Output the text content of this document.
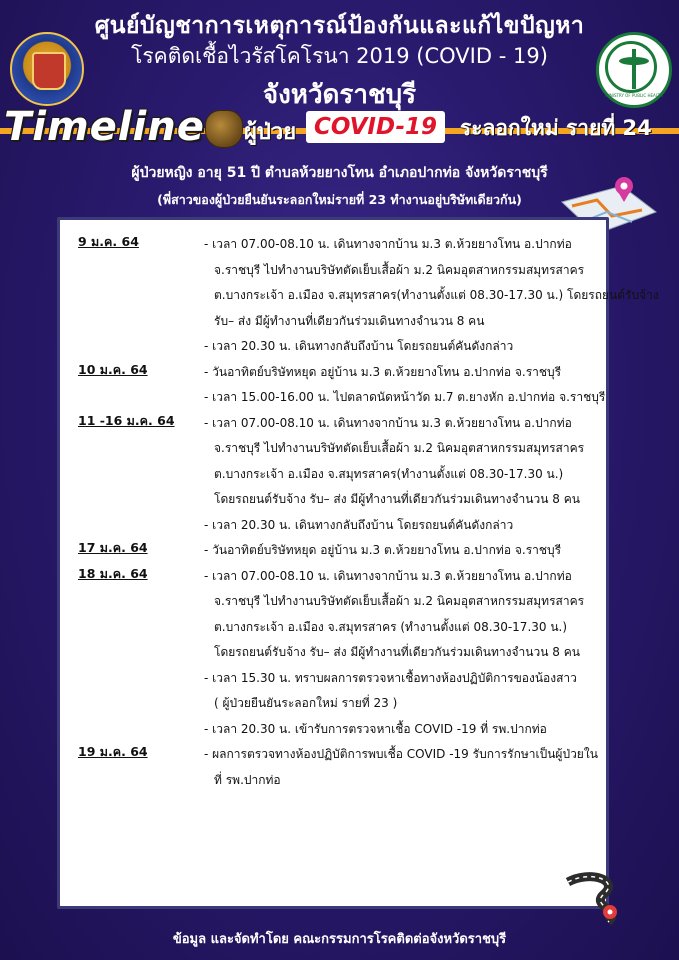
MINISTRY OF PUBLIC HEALTH
ศูนย์บัญชาการเหตุการณ์ป้องกันและแก้ไขปัญหา
โรคติดเชื้อไวรัสโคโรนา 2019 (COVID - 19)
จังหวัดราชบุรี
Timeline ผู้ป่วย COVID-19	ระลอกใหม่ รายที่ 24
ผู้ป่วยหญิง อายุ 51 ปี ตำบลห้วยยางโทน อำเภอปากท่อ จังหวัดราชบุรี
(พี่สาวของผู้ป่วยยืนยันระลอกใหม่รายที่ 23 ทำงานอยู่บริษัทเดียวกัน)
9 ม.ค. 64	- เวลา 07.00-08.10 น. เดินทางจากบ้าน ม.3 ต.ห้วยยางโทน อ.ปากท่อ
จ.ราชบุรี ไปทำงานบริษัทตัดเย็บเสื้อผ้า ม.2 นิคมอุตสาหกรรมสมุทรสาคร
ต.บางกระเจ้า อ.เมือง จ.สมุทรสาคร(ทำงานตั้งแต่ 08.30-17.30 น.) โดยรถยนต์รับจ้าง
รับ– ส่ง มีผู้ทำงานที่เดียวกันร่วมเดินทางจำนวน 8 คน
- เวลา 20.30 น. เดินทางกลับถึงบ้าน โดยรถยนต์คันดังกล่าว
10 ม.ค. 64	- วันอาทิตย์บริษัทหยุด อยู่บ้าน ม.3 ต.ห้วยยางโทน อ.ปากท่อ จ.ราชบุรี
- เวลา 15.00-16.00 น. ไปตลาดนัดหน้าวัด ม.7 ต.ยางหัก อ.ปากท่อ จ.ราชบุรี
11 -16 ม.ค. 64 - เวลา 07.00-08.10 น. เดินทางจากบ้าน ม.3 ต.ห้วยยางโทน อ.ปากท่อ
จ.ราชบุรี ไปทำงานบริษัทตัดเย็บเสื้อผ้า ม.2 นิคมอุตสาหกรรมสมุทรสาคร
ต.บางกระเจ้า อ.เมือง จ.สมุทรสาคร(ทำงานตั้งแต่ 08.30-17.30 น.)
โดยรถยนต์รับจ้าง รับ– ส่ง มีผู้ทำงานที่เดียวกันร่วมเดินทางจำนวน 8 คน
- เวลา 20.30 น. เดินทางกลับถึงบ้าน โดยรถยนต์คันดังกล่าว
17 ม.ค. 64	- วันอาทิตย์บริษัทหยุด อยู่บ้าน ม.3 ต.ห้วยยางโทน อ.ปากท่อ จ.ราชบุรี
18 ม.ค. 64	- เวลา 07.00-08.10 น. เดินทางจากบ้าน ม.3 ต.ห้วยยางโทน อ.ปากท่อ
จ.ราชบุรี ไปทำงานบริษัทตัดเย็บเสื้อผ้า ม.2 นิคมอุตสาหกรรมสมุทรสาคร
ต.บางกระเจ้า อ.เมือง จ.สมุทรสาคร (ทำงานตั้งแต่ 08.30-17.30 น.)
โดยรถยนต์รับจ้าง รับ– ส่ง มีผู้ทำงานที่เดียวกันร่วมเดินทางจำนวน 8 คน
- เวลา 15.30 น. ทราบผลการตรวจหาเชื้อทางห้องปฏิบัติการของน้องสาว
( ผู้ป่วยยืนยันระลอกใหม่ รายที่ 23 )
- เวลา 20.30 น. เข้ารับการตรวจหาเชื้อ COVID -19 ที่ รพ.ปากท่อ
19 ม.ค. 64	- ผลการตรวจทางห้องปฏิบัติการพบเชื้อ COVID -19 รับการรักษาเป็นผู้ป่วยใน
ที่ รพ.ปากท่อ
ข้อมูล และจัดทำโดย คณะกรรมการโรคติดต่อจังหวัดราชบุรี
